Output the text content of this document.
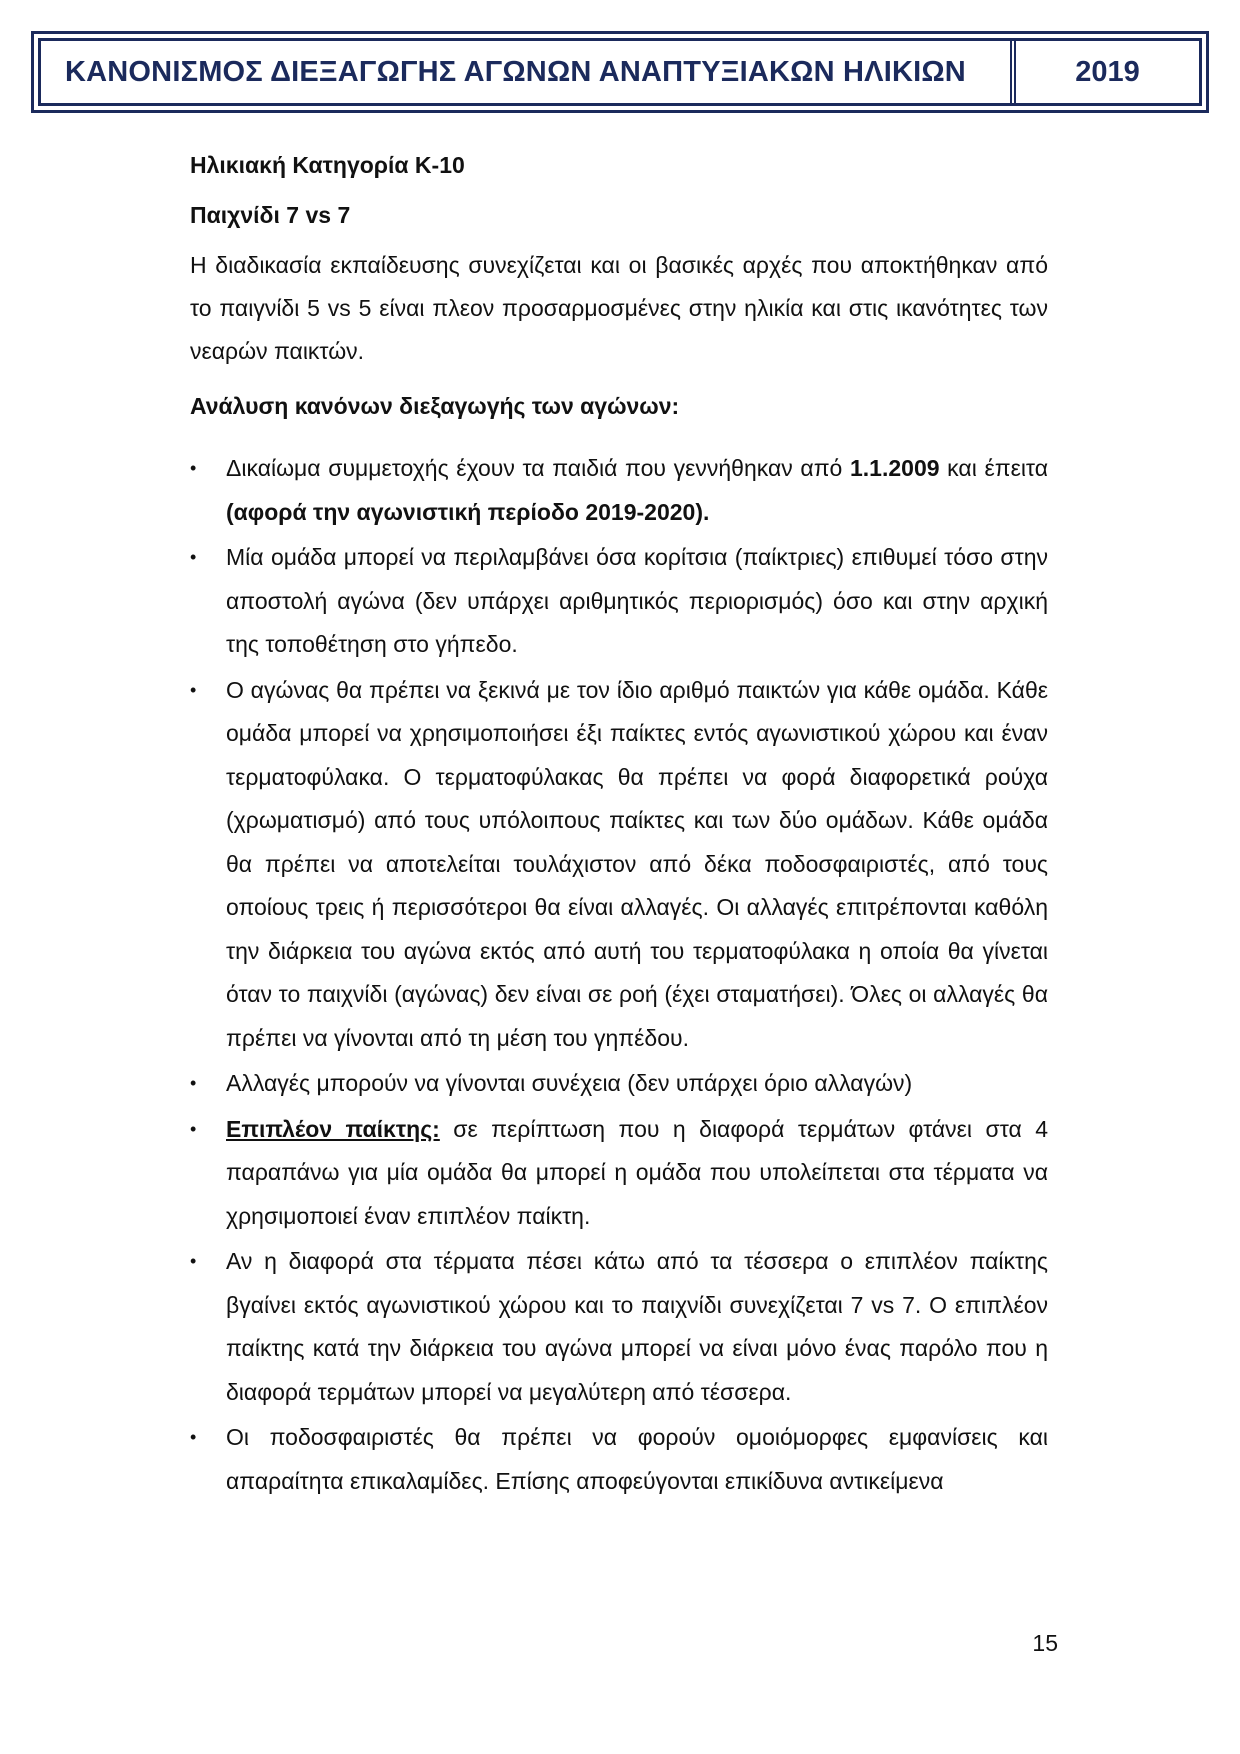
ΚΑΝΟΝΙΣΜΟΣ ΔΙΕΞΑΓΩΓΗΣ ΑΓΩΝΩΝ ΑΝΑΠΤΥΞΙΑΚΩΝ ΗΛΙΚΙΩΝ	2019

Ηλικιακή Κατηγορία Κ-10

Παιχνίδι 7 vs 7

Η διαδικασία εκπαίδευσης συνεχίζεται και οι βασικές αρχές που αποκτήθηκαν από το παιγνίδι 5 vs 5 είναι πλεον προσαρμοσμένες στην ηλικία και στις ικανότητες των νεαρών παικτών.

Ανάλυση κανόνων διεξαγωγής των αγώνων:

•	Δικαίωμα συμμετοχής έχουν τα παιδιά που γεννήθηκαν από 1.1.2009 και έπειτα (αφορά την αγωνιστική περίοδο 2019-2020).
•	Μία ομάδα μπορεί να περιλαμβάνει όσα κορίτσια (παίκτριες) επιθυμεί τόσο στην αποστολή αγώνα (δεν υπάρχει αριθμητικός περιορισμός) όσο και στην αρχική της τοποθέτηση στο γήπεδο.
•	Ο αγώνας θα πρέπει να ξεκινά με τον ίδιο αριθμό παικτών για κάθε ομάδα. Κάθε ομάδα μπορεί να χρησιμοποιήσει έξι παίκτες εντός αγωνιστικού χώρου και έναν τερματοφύλακα. Ο τερματοφύλακας θα πρέπει να φορά διαφορετικά ρούχα (χρωματισμό) από τους υπόλοιπους παίκτες και των δύο ομάδων. Κάθε ομάδα θα πρέπει να αποτελείται τουλάχιστον από δέκα ποδοσφαιριστές, από τους οποίους τρεις ή περισσότεροι θα είναι αλλαγές. Οι αλλαγές επιτρέπονται καθόλη την διάρκεια του αγώνα εκτός από αυτή του τερματοφύλακα η οποία θα γίνεται όταν το παιχνίδι (αγώνας) δεν είναι σε ροή (έχει σταματήσει). Όλες οι αλλαγές θα πρέπει να γίνονται από τη μέση του γηπέδου.
•	Αλλαγές μπορούν να γίνονται συνέχεια (δεν υπάρχει όριο αλλαγών)
•	Επιπλέον παίκτης: σε περίπτωση που η διαφορά τερμάτων φτάνει στα 4 παραπάνω για μία ομάδα θα μπορεί η ομάδα που υπολείπεται στα τέρματα να χρησιμοποιεί έναν επιπλέον παίκτη.
•	Αν η διαφορά στα τέρματα πέσει κάτω από τα τέσσερα ο επιπλέον παίκτης βγαίνει εκτός αγωνιστικού χώρου και το παιχνίδι συνεχίζεται 7 vs 7. Ο επιπλέον παίκτης κατά την διάρκεια του αγώνα μπορεί να είναι μόνο ένας παρόλο που η διαφορά τερμάτων μπορεί να μεγαλύτερη από τέσσερα.
•	Οι ποδοσφαιριστές θα πρέπει να φορούν ομοιόμορφες εμφανίσεις και απαραίτητα επικαλαμίδες. Επίσης αποφεύγονται επικίδυνα αντικείμενα
15
